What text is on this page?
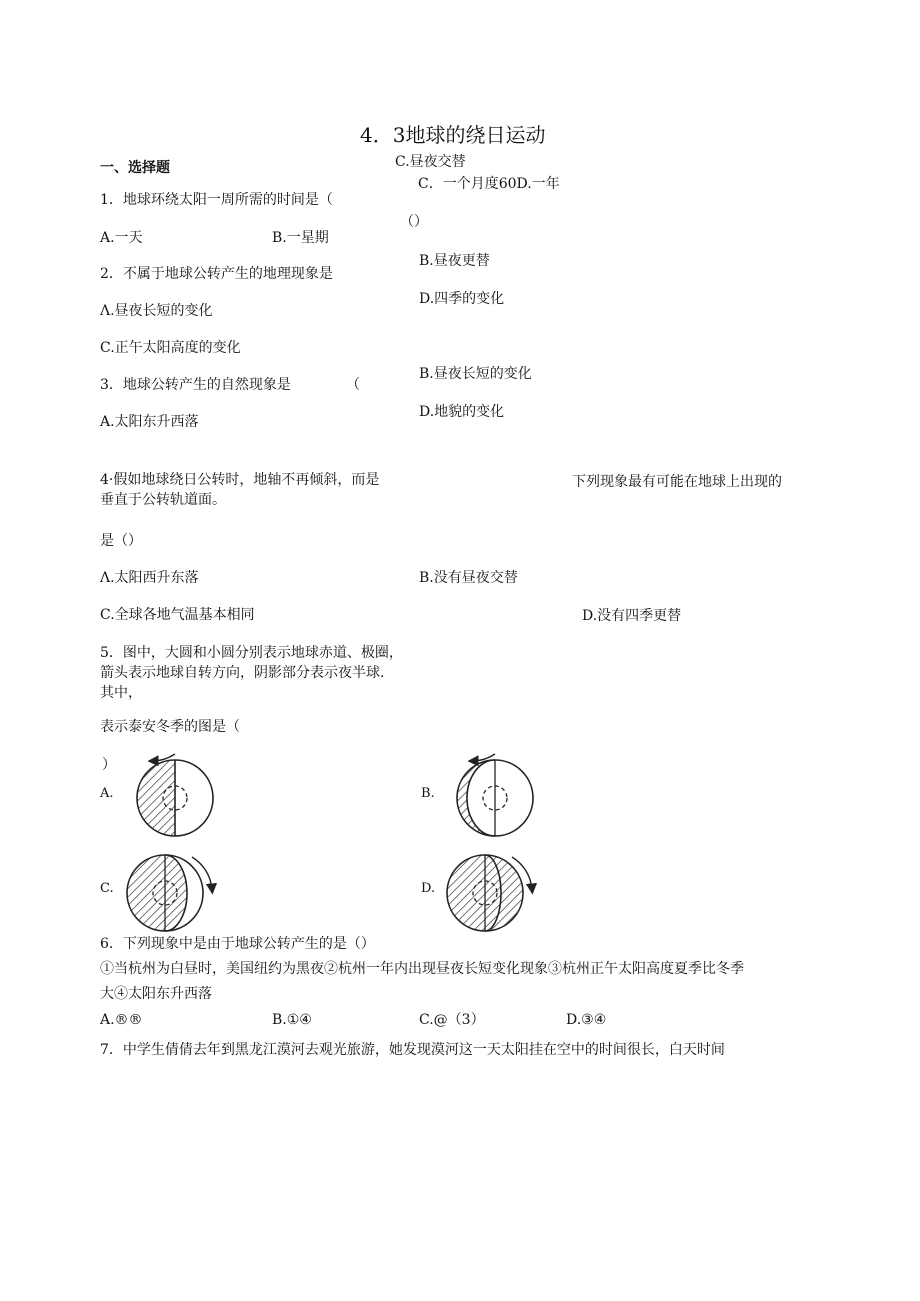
4．3地球的绕日运动
一、选择题	C.昼夜交替
C．一个月度60D.一年
（）
1．地球环绕太阳一周所需的时间是（
A.一天	B.一星期
B.昼夜更替
2．不属于地球公转产生的地理现象是
D.四季的变化
Λ.昼夜长短的变化
C.正午太阳高度的变化
B.昼夜长短的变化
3．地球公转产生的自然现象是	（
D.地貌的变化
A.太阳东升西落
4·假如地球绕日公转时，地轴不再倾斜，而是	下列现象最有可能在地球上出现的
垂直于公转轨道面。
是（）
Λ.太阳西升东落	B.没有昼夜交替
C.全球各地气温基本相同	D.没有四季更替
5．图中，大圆和小圆分别表示地球赤道、极圈，
箭头表示地球自转方向，阴影部分表示夜半球.
其中，
表示泰安冬季的图是（
）
A.	B.
C.	D.
6．下列现象中是由于地球公转产生的是（）
①当杭州为白昼时，美国纽约为黑夜②杭州一年内出现昼夜长短变化现象③杭州正午太阳高度夏季比冬季
大④太阳东升西落
A.®®	B.①④	C.@（3）	D.③④
7．中学生倩倩去年到黑龙江漠河去观光旅游，她发现漠河这一天太阳挂在空中的时间很长，白天时间
